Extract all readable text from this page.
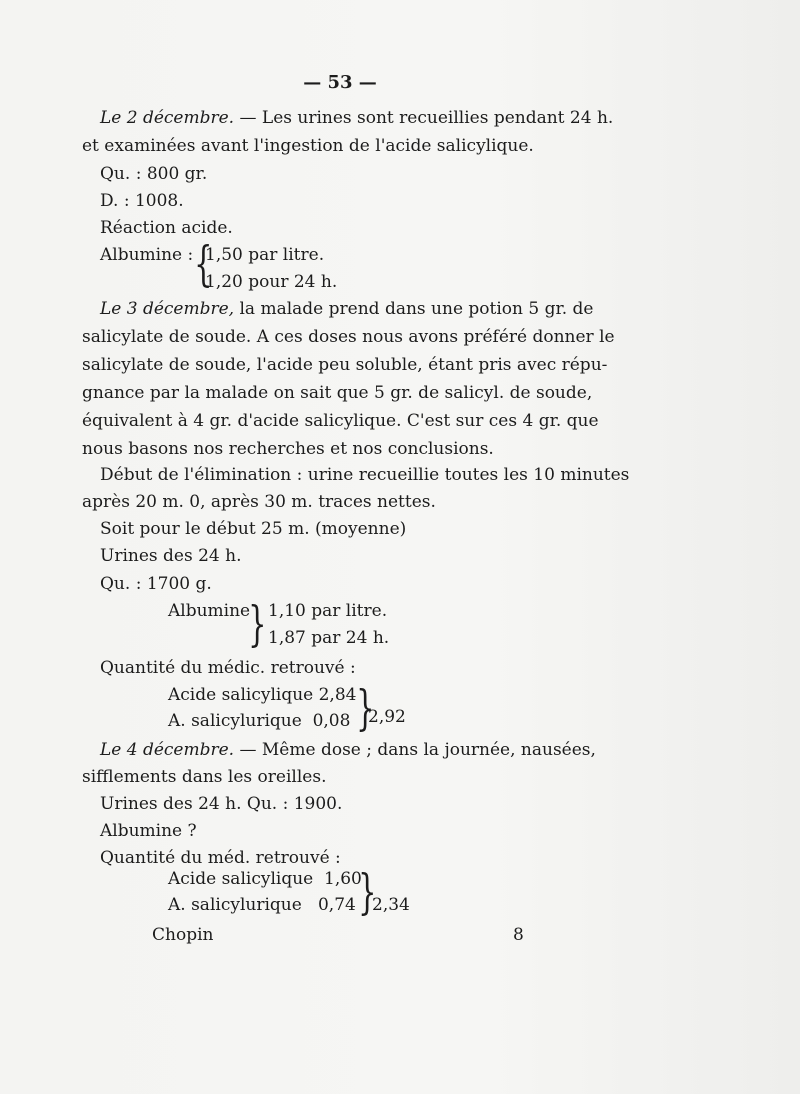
— 53 —
Le 2 décembre. — Les urines sont recueillies pendant 24 h.
et examinées avant l'ingestion de l'acide salicylique.
Qu. : 800 gr.
D. : 1008.
Réaction acide.
Albumine : {
1,50 par litre.
1,20 pour 24 h.
Le 3 décembre, la malade prend dans une potion 5 gr. de
salicylate de soude. A ces doses nous avons préféré donner le
salicylate de soude, l'acide peu soluble, étant pris avec répu-
gnance par la malade on sait que 5 gr. de salicyl. de soude,
équivalent à 4 gr. d'acide salicylique. C'est sur ces 4 gr. que
nous basons nos recherches et nos conclusions.
Début de l'élimination : urine recueillie toutes les 10 minutes
après 20 m. 0, après 30 m. traces nettes.
Soit pour le début 25 m. (moyenne)
Urines des 24 h.
Qu. : 1700 g.
Albumine
} 1,10 par litre.
1,87 par 24 h.
Quantité du médic. retrouvé :
Acide salicylique 2,84
A. salicylurique  0,08 }
2,92
Le 4 décembre. — Même dose ; dans la journée, nausées,
sifflements dans les oreilles.
Urines des 24 h. Qu. : 1900.
Albumine ?
Quantité du méd. retrouvé :
Acide salicylique  1,60
A. salicylurique   0,74 }
2,34
Chopin	8
